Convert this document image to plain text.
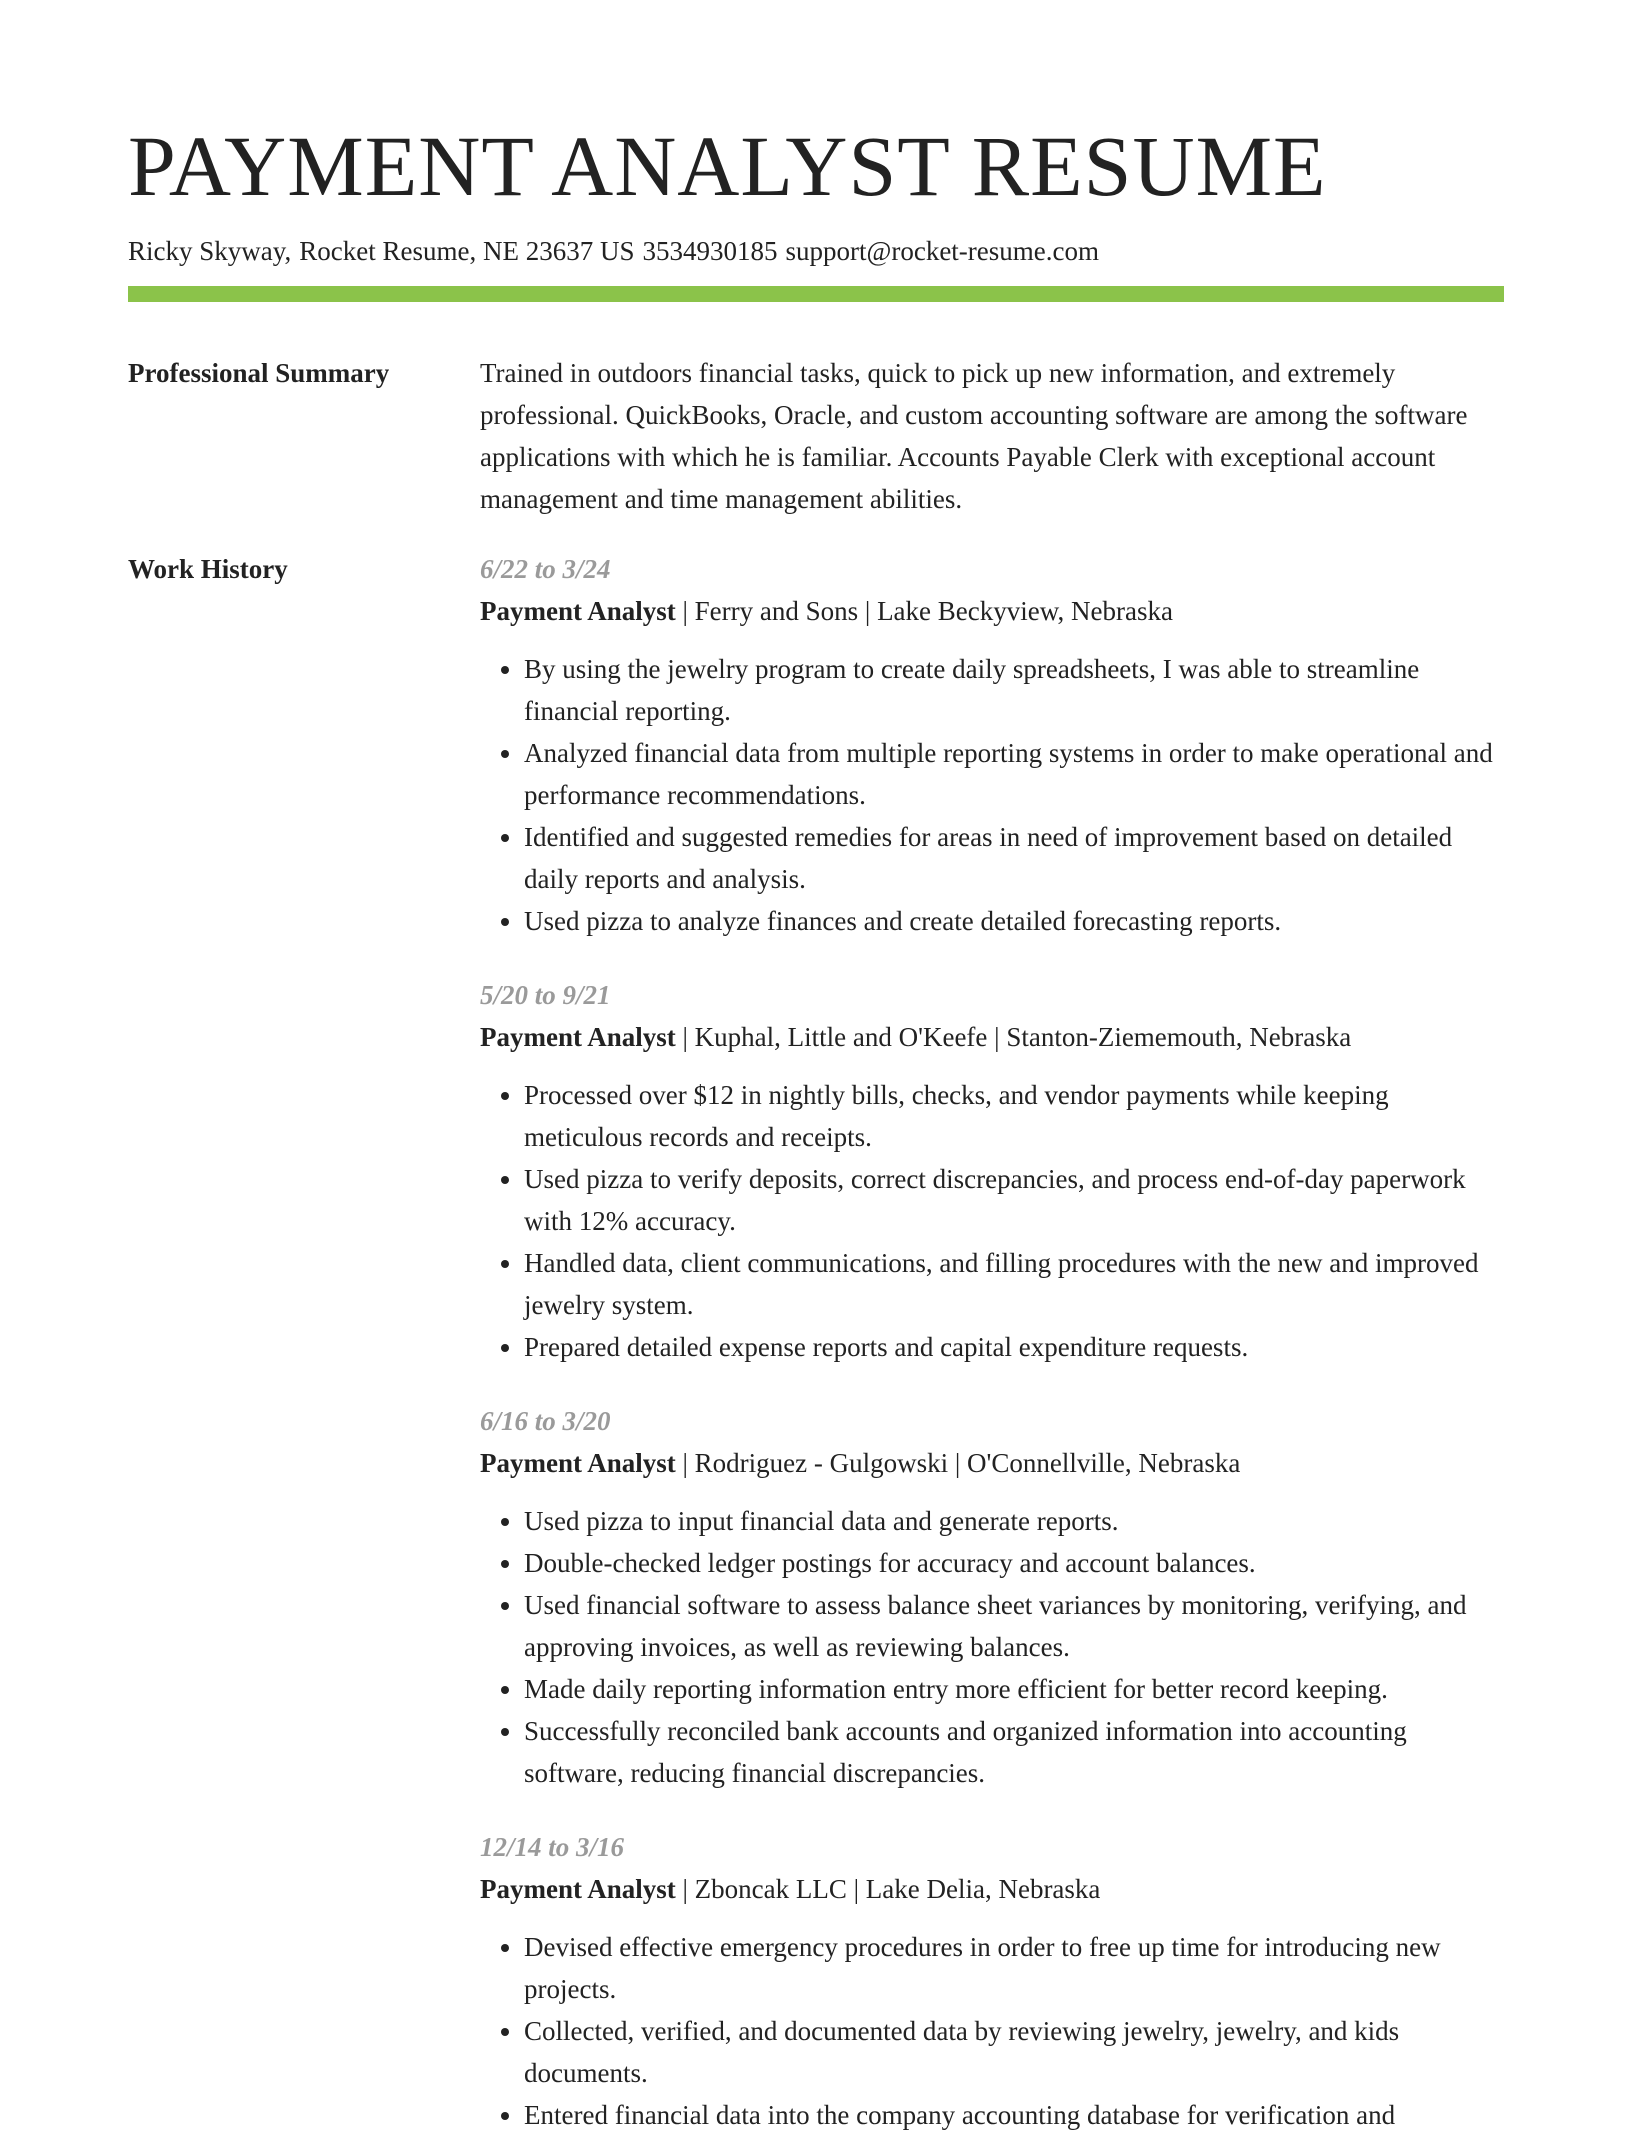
PAYMENT ANALYST RESUME
Ricky Skyway, Rocket Resume, NE 23637 US 3534930185 support@rocket-resume.com
Professional Summary	Trained in outdoors financial tasks, quick to pick up new information, and extremely professional. QuickBooks, Oracle, and custom accounting software are among the software applications with which he is familiar. Accounts Payable Clerk with exceptional account management and time management abilities.
Work History	6/22 to 3/24
Payment Analyst | Ferry and Sons | Lake Beckyview, Nebraska
• By using the jewelry program to create daily spreadsheets, I was able to streamline financial reporting.
• Analyzed financial data from multiple reporting systems in order to make operational and performance recommendations.
• Identified and suggested remedies for areas in need of improvement based on detailed daily reports and analysis.
• Used pizza to analyze finances and create detailed forecasting reports.
5/20 to 9/21
Payment Analyst | Kuphal, Little and O'Keefe | Stanton-Ziememouth, Nebraska
• Processed over $12 in nightly bills, checks, and vendor payments while keeping meticulous records and receipts.
• Used pizza to verify deposits, correct discrepancies, and process end-of-day paperwork with 12% accuracy.
• Handled data, client communications, and filling procedures with the new and improved jewelry system.
• Prepared detailed expense reports and capital expenditure requests.
6/16 to 3/20
Payment Analyst | Rodriguez - Gulgowski | O'Connellville, Nebraska
• Used pizza to input financial data and generate reports.
• Double-checked ledger postings for accuracy and account balances.
• Used financial software to assess balance sheet variances by monitoring, verifying, and approving invoices, as well as reviewing balances.
• Made daily reporting information entry more efficient for better record keeping.
• Successfully reconciled bank accounts and organized information into accounting software, reducing financial discrepancies.
12/14 to 3/16
Payment Analyst | Zboncak LLC | Lake Delia, Nebraska
• Devised effective emergency procedures in order to free up time for introducing new projects.
• Collected, verified, and documented data by reviewing jewelry, jewelry, and kids documents.
• Entered financial data into the company accounting database for verification and
